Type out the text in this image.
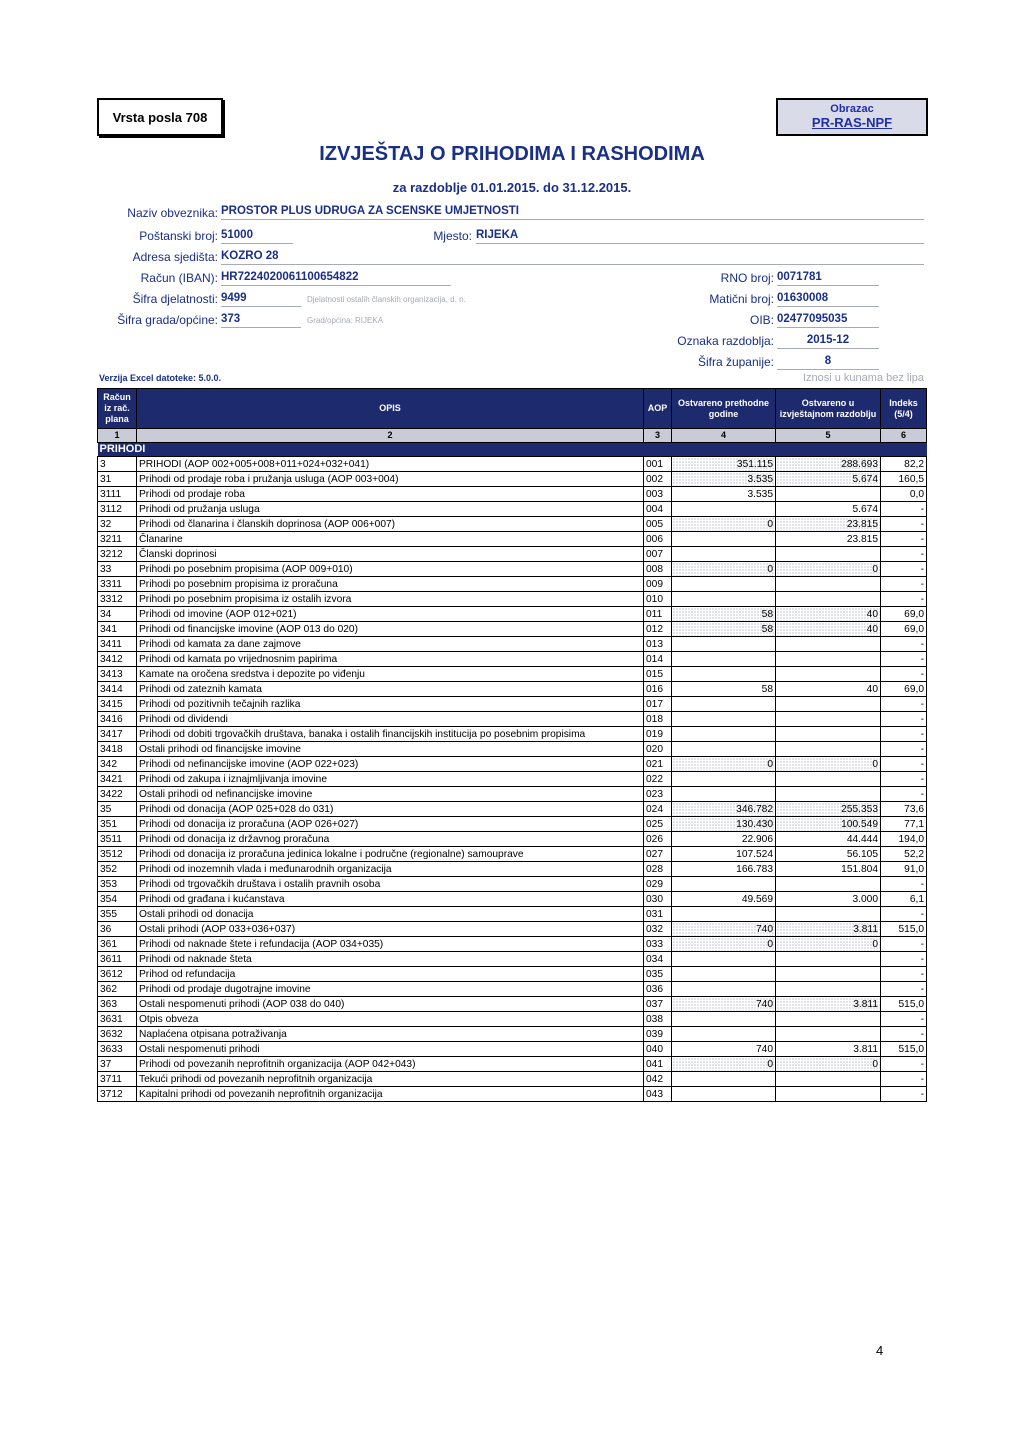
Vrsta posla 708
Obrazac
PR-RAS-NPF
IZVJEŠTAJ O PRIHODIMA I RASHODIMA
za razdoblje 01.01.2015. do 31.12.2015.
Naziv obveznika: PROSTOR PLUS UDRUGA ZA SCENSKE UMJETNOSTI
Poštanski broj: 51000	Mjesto: RIJEKA
Adresa sjedišta: KOZRO 28
Račun (IBAN): HR7224020061100654822	RNO broj: 0071781
Šifra djelatnosti: 9499	Djelatnosti ostalih članskih organizacija, d. n.	Matični broj: 01630008
Šifra grada/općine: 373	Grad/općina: RIJEKA	OIB: 02477095035
Oznaka razdoblja:	2015-12
Šifra županije:	8
Verzija Excel datoteke: 5.0.0.	Iznosi u kunama bez lipa
Račun iz rač. plana	OPIS	AOP	Ostvareno prethodne godine	Ostvareno u izvještajnom razdoblju	Indeks (5/4)
1	2	3	4	5	6
PRIHODI					
3	PRIHODI (AOP 002+005+008+011+024+032+041)	001	351.115	288.693	82,2
31	Prihodi od prodaje roba i pružanja usluga (AOP 003+004)	002	3.535	5.674	160,5
3111	Prihodi od prodaje roba	003	3.535		0,0
3112	Prihodi od pružanja usluga	004		5.674	-
32	Prihodi od članarina i članskih doprinosa (AOP 006+007)	005	0	23.815	-
3211	Članarine	006		23.815	-
3212	Članski doprinosi	007			-
33	Prihodi po posebnim propisima (AOP 009+010)	008	0	0	-
3311	Prihodi po posebnim propisima iz proračuna	009			-
3312	Prihodi po posebnim propisima iz ostalih izvora	010			-
34	Prihodi od imovine (AOP 012+021)	011	58	40	69,0
341	Prihodi od financijske imovine (AOP 013 do 020)	012	58	40	69,0
3411	Prihodi od kamata za dane zajmove	013			-
3412	Prihodi od kamata po vrijednosnim papirima	014			-
3413	Kamate na oročena sredstva i depozite po viđenju	015			-
3414	Prihodi od zateznih kamata	016	58	40	69,0
3415	Prihodi od pozitivnih tečajnih razlika	017			-
3416	Prihodi od dividendi	018			-
3417	Prihodi od dobiti trgovačkih društava, banaka i ostalih financijskih institucija po posebnim propisima	019			-
3418	Ostali prihodi od financijske imovine	020			-
342	Prihodi od nefinancijske imovine (AOP 022+023)	021	0	0	-
3421	Prihodi od zakupa i iznajmljivanja imovine	022			-
3422	Ostali prihodi od nefinancijske imovine	023			-
35	Prihodi od donacija (AOP 025+028 do 031)	024	346.782	255.353	73,6
351	Prihodi od donacija iz proračuna (AOP 026+027)	025	130.430	100.549	77,1
3511	Prihodi od donacija iz državnog proračuna	026	22.906	44.444	194,0
3512	Prihodi od donacija iz proračuna jedinica lokalne i područne (regionalne) samouprave	027	107.524	56.105	52,2
352	Prihodi od inozemnih vlada i međunarodnih organizacija	028	166.783	151.804	91,0
353	Prihodi od trgovačkih društava i ostalih pravnih osoba	029			-
354	Prihodi od građana i kućanstava	030	49.569	3.000	6,1
355	Ostali prihodi od donacija	031			-
36	Ostali prihodi (AOP 033+036+037)	032	740	3.811	515,0
361	Prihodi od naknade štete i refundacija (AOP 034+035)	033	0	0	-
3611	Prihodi od naknade šteta	034			-
3612	Prihod od refundacija	035			-
362	Prihodi od prodaje dugotrajne imovine	036			-
363	Ostali nespomenuti prihodi (AOP 038 do 040)	037	740	3.811	515,0
3631	Otpis obveza	038			-
3632	Naplaćena otpisana potraživanja	039			-
3633	Ostali nespomenuti prihodi	040	740	3.811	515,0
37	Prihodi od povezanih neprofitnih organizacija (AOP 042+043)	041	0	0	-
3711	Tekući prihodi od povezanih neprofitnih organizacija	042			-
3712	Kapitalni prihodi od povezanih neprofitnih organizacija	043			-
4
